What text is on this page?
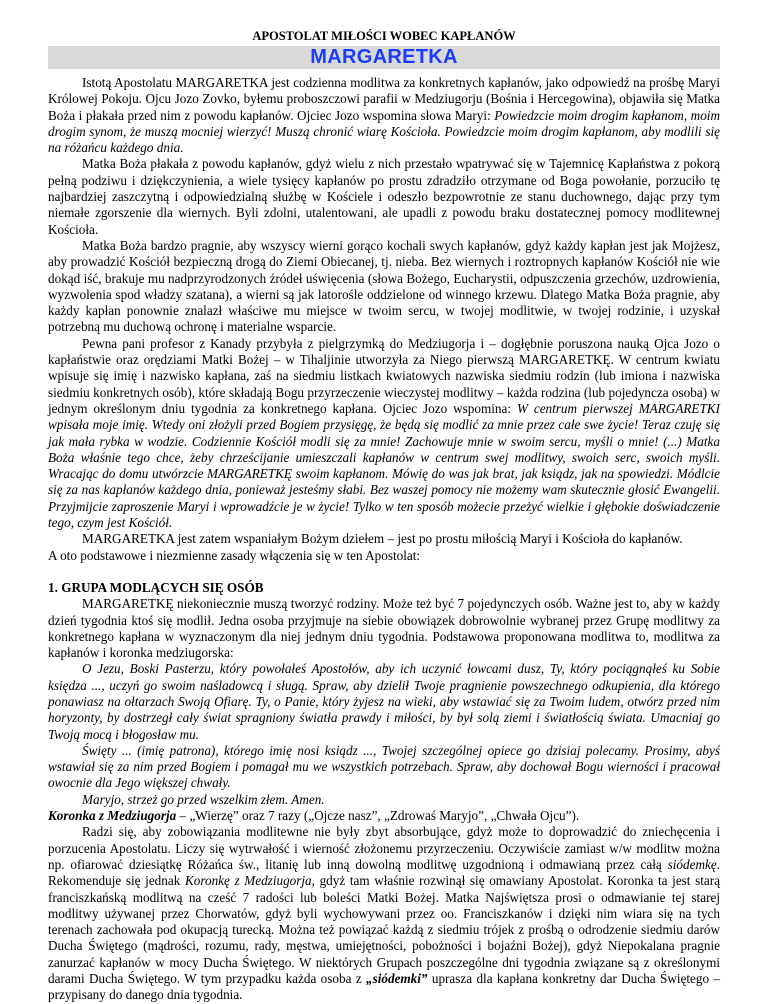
APOSTOLAT MIŁOŚCI WOBEC KAPŁANÓW
MARGARETKA

Istotą Apostolatu MARGARETKA jest codzienna modlitwa za konkretnych kapłanów, jako odpowiedź na prośbę Maryi Królowej Pokoju. Ojcu Jozo Zovko, byłemu proboszczowi parafii w Medziugorju (Bośnia i Hercegowina), objawiła się Matka Boża i płakała przed nim z powodu kapłanów. Ojciec Jozo wspomina słowa Maryi: Powiedzcie moim drogim kapłanom, moim drogim synom, że muszą mocniej wierzyć! Muszą chronić wiarę Kościoła. Powiedzcie moim drogim kapłanom, aby modlili się na różańcu każdego dnia.

Matka Boża płakała z powodu kapłanów, gdyż wielu z nich przestało wpatrywać się w Tajemnicę Kapłaństwa z pokorą pełną podziwu i dziękczynienia, a wiele tysięcy kapłanów po prostu zdradziło otrzymane od Boga powołanie, porzuciło tę najbardziej zaszczytną i odpowiedzialną służbę w Kościele i odeszło bezpowrotnie ze stanu duchownego, dając przy tym niemałe zgorszenie dla wiernych. Byli zdolni, utalentowani, ale upadli z powodu braku dostatecznej pomocy modlitewnej Kościoła.

Matka Boża bardzo pragnie, aby wszyscy wierni gorąco kochali swych kapłanów, gdyż każdy kapłan jest jak Mojżesz, aby prowadzić Kościół bezpieczną drogą do Ziemi Obiecanej, tj. nieba. Bez wiernych i roztropnych kapłanów Kościół nie wie dokąd iść, brakuje mu nadprzyrodzonych źródeł uświęcenia (słowa Bożego, Eucharystii, odpuszczenia grzechów, uzdrowienia, wyzwolenia spod władzy szatana), a wierni są jak latorośle oddzielone od winnego krzewu. Dlatego Matka Boża pragnie, aby każdy kapłan ponownie znalazł właściwe mu miejsce w twoim sercu, w twojej modlitwie, w twojej rodzinie, i uzyskał potrzebną mu duchową ochronę i materialne wsparcie.

Pewna pani profesor z Kanady przybyła z pielgrzymką do Medziugorja i – dogłębnie poruszona nauką Ojca Jozo o kapłaństwie oraz orędziami Matki Bożej – w Tihaljinie utworzyła za Niego pierwszą MARGARETKĘ. W centrum kwiatu wpisuje się imię i nazwisko kapłana, zaś na siedmiu listkach kwiatowych nazwiska siedmiu rodzin (lub imiona i nazwiska siedmiu konkretnych osób), które składają Bogu przyrzeczenie wieczystej modlitwy – każda rodzina (lub pojedyncza osoba) w jednym określonym dniu tygodnia za konkretnego kapłana. Ojciec Jozo wspomina: W centrum pierwszej MARGARETKI wpisała moje imię. Wtedy oni złożyli przed Bogiem przysięgę, że będą się modlić za mnie przez całe swe życie! Teraz czuję się jak mała rybka w wodzie. Codziennie Kościół modli się za mnie! Zachowuje mnie w swoim sercu, myśli o mnie! (...) Matka Boża właśnie tego chce, żeby chrześcijanie umieszczali kapłanów w centrum swej modlitwy, swoich serc, swoich myśli. Wracając do domu utwórzcie MARGARETKĘ swoim kapłanom. Mówię do was jak brat, jak ksiądz, jak na spowiedzi. Módlcie się za nas kapłanów każdego dnia, ponieważ jesteśmy słabi. Bez waszej pomocy nie możemy wam skutecznie głosić Ewangelii. Przyjmijcie zaproszenie Maryi i wprowadźcie je w życie! Tylko w ten sposób możecie przeżyć wielkie i głębokie doświadczenie tego, czym jest Kościół.

MARGARETKA jest zatem wspaniałym Bożym dziełem – jest po prostu miłością Maryi i Kościoła do kapłanów.

A oto podstawowe i niezmienne zasady włączenia się w ten Apostolat:

1. GRUPA MODLĄCYCH SIĘ OSÓB

MARGARETKĘ niekoniecznie muszą tworzyć rodziny. Może też być 7 pojedynczych osób. Ważne jest to, aby w każdy dzień tygodnia ktoś się modlił. Jedna osoba przyjmuje na siebie obowiązek dobrowolnie wybranej przez Grupę modlitwy za konkretnego kapłana w wyznaczonym dla niej jednym dniu tygodnia. Podstawowa proponowana modlitwa to, modlitwa za kapłanów i koronka medziugorska:

O Jezu, Boski Pasterzu, który powołałeś Apostołów, aby ich uczynić łowcami dusz, Ty, który pociągnąłeś ku Sobie księdza ..., uczyń go swoim naśladowcą i sługą. Spraw, aby dzielił Twoje pragnienie powszechnego odkupienia, dla którego ponawiasz na ołtarzach Swoją Ofiarę. Ty, o Panie, który żyjesz na wieki, aby wstawiać się za Twoim ludem, otwórz przed nim horyzonty, by dostrzegł cały świat spragniony światła prawdy i miłości, by był solą ziemi i światłością świata. Umacniaj go Twoją mocą i błogosław mu.

Święty ... (imię patrona), którego imię nosi ksiądz ..., Twojej szczególnej opiece go dzisiaj polecamy. Prosimy, abyś wstawiał się za nim przed Bogiem i pomagał mu we wszystkich potrzebach. Spraw, aby dochował Bogu wierności i pracował owocnie dla Jego większej chwały.

Maryjo, strzeż go przed wszelkim złem. Amen.

Koronka z Medziugorja – „Wierzę” oraz 7 razy („Ojcze nasz”, „Zdrowaś Maryjo”, „Chwała Ojcu”).

Radzi się, aby zobowiązania modlitewne nie były zbyt absorbujące, gdyż może to doprowadzić do zniechęcenia i porzucenia Apostolatu. Liczy się wytrwałość i wierność złożonemu przyrzeczeniu. Oczywiście zamiast w/w modlitw można np. ofiarować dziesiątkę Różańca św., litanię lub inną dowolną modlitwę uzgodnioną i odmawianą przez całą siódemkę. Rekomenduje się jednak Koronkę z Medziugorja, gdyż tam właśnie rozwinął się omawiany Apostolat. Koronka ta jest starą franciszkańską modlitwą na cześć 7 radości lub boleści Matki Bożej. Matka Najświętsza prosi o odmawianie tej starej modlitwy używanej przez Chorwatów, gdyż byli wychowywani przez oo. Franciszkanów i dzięki nim wiara się na tych terenach zachowała pod okupacją turecką. Można też powiązać każdą z siedmiu trójek z prośbą o odrodzenie siedmiu darów Ducha Świętego (mądrości, rozumu, rady, męstwa, umiejętności, pobożności i bojaźni Bożej), gdyż Niepokalana pragnie zanurzać kapłanów w mocy Ducha Świętego. W niektórych Grupach poszczególne dni tygodnia związane są z określonymi darami Ducha Świętego. W tym przypadku każda osoba z „siódemki” uprasza dla kapłana konkretny dar Ducha Świętego – przypisany do danego dnia tygodnia.
